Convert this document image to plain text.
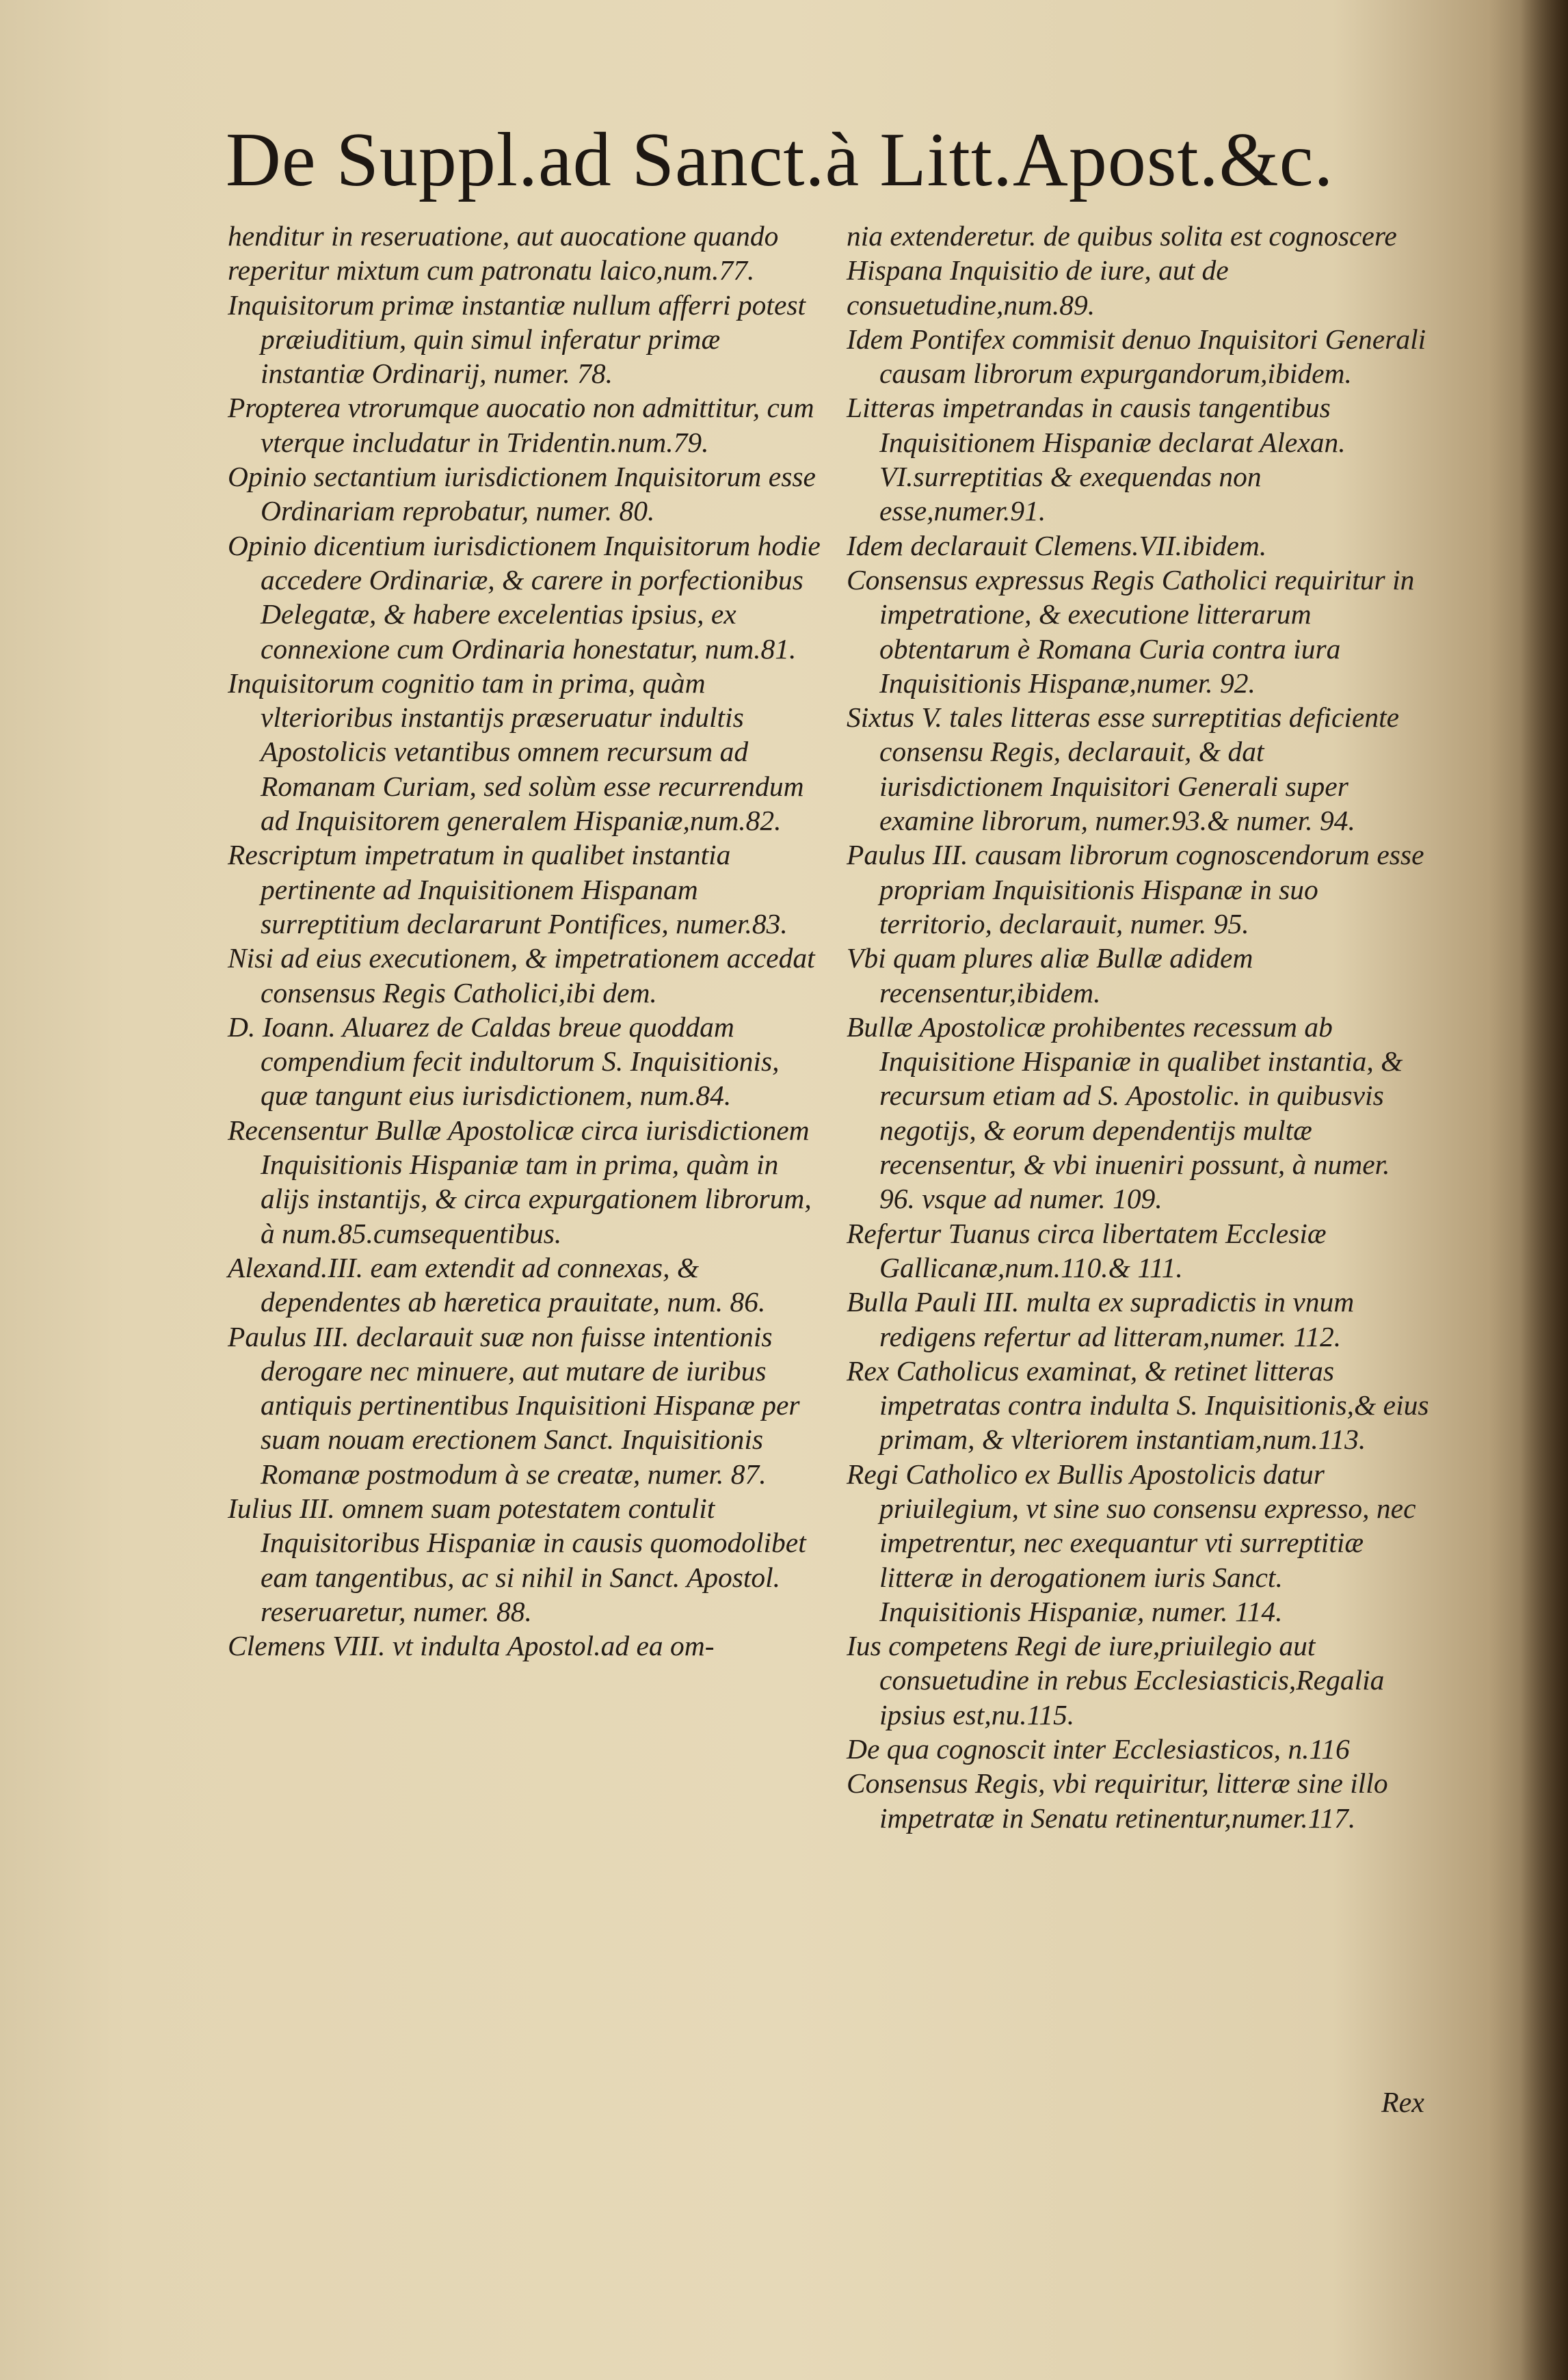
De Suppl.ad Sanct.à Litt.Apost.&c.

henditur in reseruatione, aut auocatione quando reperitur mixtum cum patronatu laico,num.77.

Inquisitorum primæ instantiæ nullum afferri potest præiuditium, quin simul inferatur primæ instantiæ Ordinarij, numer. 78.

Propterea vtrorumque auocatio non admittitur, cum vterque includatur in Tridentin.num.79.

Opinio sectantium iurisdictionem Inquisitorum esse Ordinariam reprobatur, numer. 80.

Opinio dicentium iurisdictionem Inquisitorum hodie accedere Ordinariæ, & carere in porfectionibus Delegatæ, & habere excelentias ipsius, ex connexione cum Ordinaria honestatur, num.81.

Inquisitorum cognitio tam in prima, quàm vlterioribus instantijs præseruatur indultis Apostolicis vetantibus omnem recursum ad Romanam Curiam, sed solùm esse recurrendum ad Inquisitorem generalem Hispaniæ,num.82.

Rescriptum impetratum in qualibet instantia pertinente ad Inquisitionem Hispanam surreptitium declararunt Pontifices, numer.83.

Nisi ad eius executionem, & impetrationem accedat consensus Regis Catholici,ibi dem.

D. Ioann. Aluarez de Caldas breue quoddam compendium fecit indultorum S. Inquisitionis, quæ tangunt eius iurisdictionem, num.84.

Recensentur Bullæ Apostolicæ circa iurisdictionem Inquisitionis Hispaniæ tam in prima, quàm in alijs instantijs, & circa expurgationem librorum, à num.85.cumsequentibus.

Alexand.III. eam extendit ad connexas, & dependentes ab hæretica prauitate, num. 86.

Paulus III. declarauit suæ non fuisse intentionis derogare nec minuere, aut mutare de iuribus antiquis pertinentibus Inquisitioni Hispanæ per suam nouam erectionem Sanct. Inquisitionis Romanæ postmodum à se creatæ, numer. 87.

Iulius III. omnem suam potestatem contulit Inquisitoribus Hispaniæ in causis quomodolibet eam tangentibus, ac si nihil in Sanct. Apostol. reseruaretur, numer. 88.

Clemens VIII. vt indulta Apostol.ad ea om-

nia extenderetur. de quibus solita est cognoscere Hispana Inquisitio de iure, aut de consuetudine,num.89.

Idem Pontifex commisit denuo Inquisitori Generali causam librorum expurgandorum,ibidem.

Litteras impetrandas in causis tangentibus Inquisitionem Hispaniæ declarat Alexan. VI.surreptitias & exequendas non esse,numer.91.

Idem declarauit Clemens.VII.ibidem.

Consensus expressus Regis Catholici requiritur in impetratione, & executione litterarum obtentarum è Romana Curia contra iura Inquisitionis Hispanæ,numer. 92.

Sixtus V. tales litteras esse surreptitias deficiente consensu Regis, declarauit, & dat iurisdictionem Inquisitori Generali super examine librorum, numer.93.& numer. 94.

Paulus III. causam librorum cognoscendorum esse propriam Inquisitionis Hispanæ in suo territorio, declarauit, numer. 95.

Vbi quam plures aliæ Bullæ adidem recensentur,ibidem.

Bullæ Apostolicæ prohibentes recessum ab Inquisitione Hispaniæ in qualibet instantia, & recursum etiam ad S. Apostolic. in quibusvis negotijs, & eorum dependentijs multæ recensentur, & vbi inueniri possunt, à numer. 96. vsque ad numer. 109.

Refertur Tuanus circa libertatem Ecclesiæ Gallicanæ,num.110.& 111.

Bulla Pauli III. multa ex supradictis in vnum redigens refertur ad litteram,numer. 112.

Rex Catholicus examinat, & retinet litteras impetratas contra indulta S. Inquisitionis,& eius primam, & vlteriorem instantiam,num.113.

Regi Catholico ex Bullis Apostolicis datur priuilegium, vt sine suo consensu expresso, nec impetrentur, nec exequantur vti surreptitiæ litteræ in derogationem iuris Sanct. Inquisitionis Hispaniæ, numer. 114.

Ius competens Regi de iure,priuilegio aut consuetudine in rebus Ecclesiasticis,Regalia ipsius est,nu.115.

De qua cognoscit inter Ecclesiasticos, n.116

Consensus Regis, vbi requiritur, litteræ sine illo impetratæ in Senatu retinentur,numer.117.

Rex
